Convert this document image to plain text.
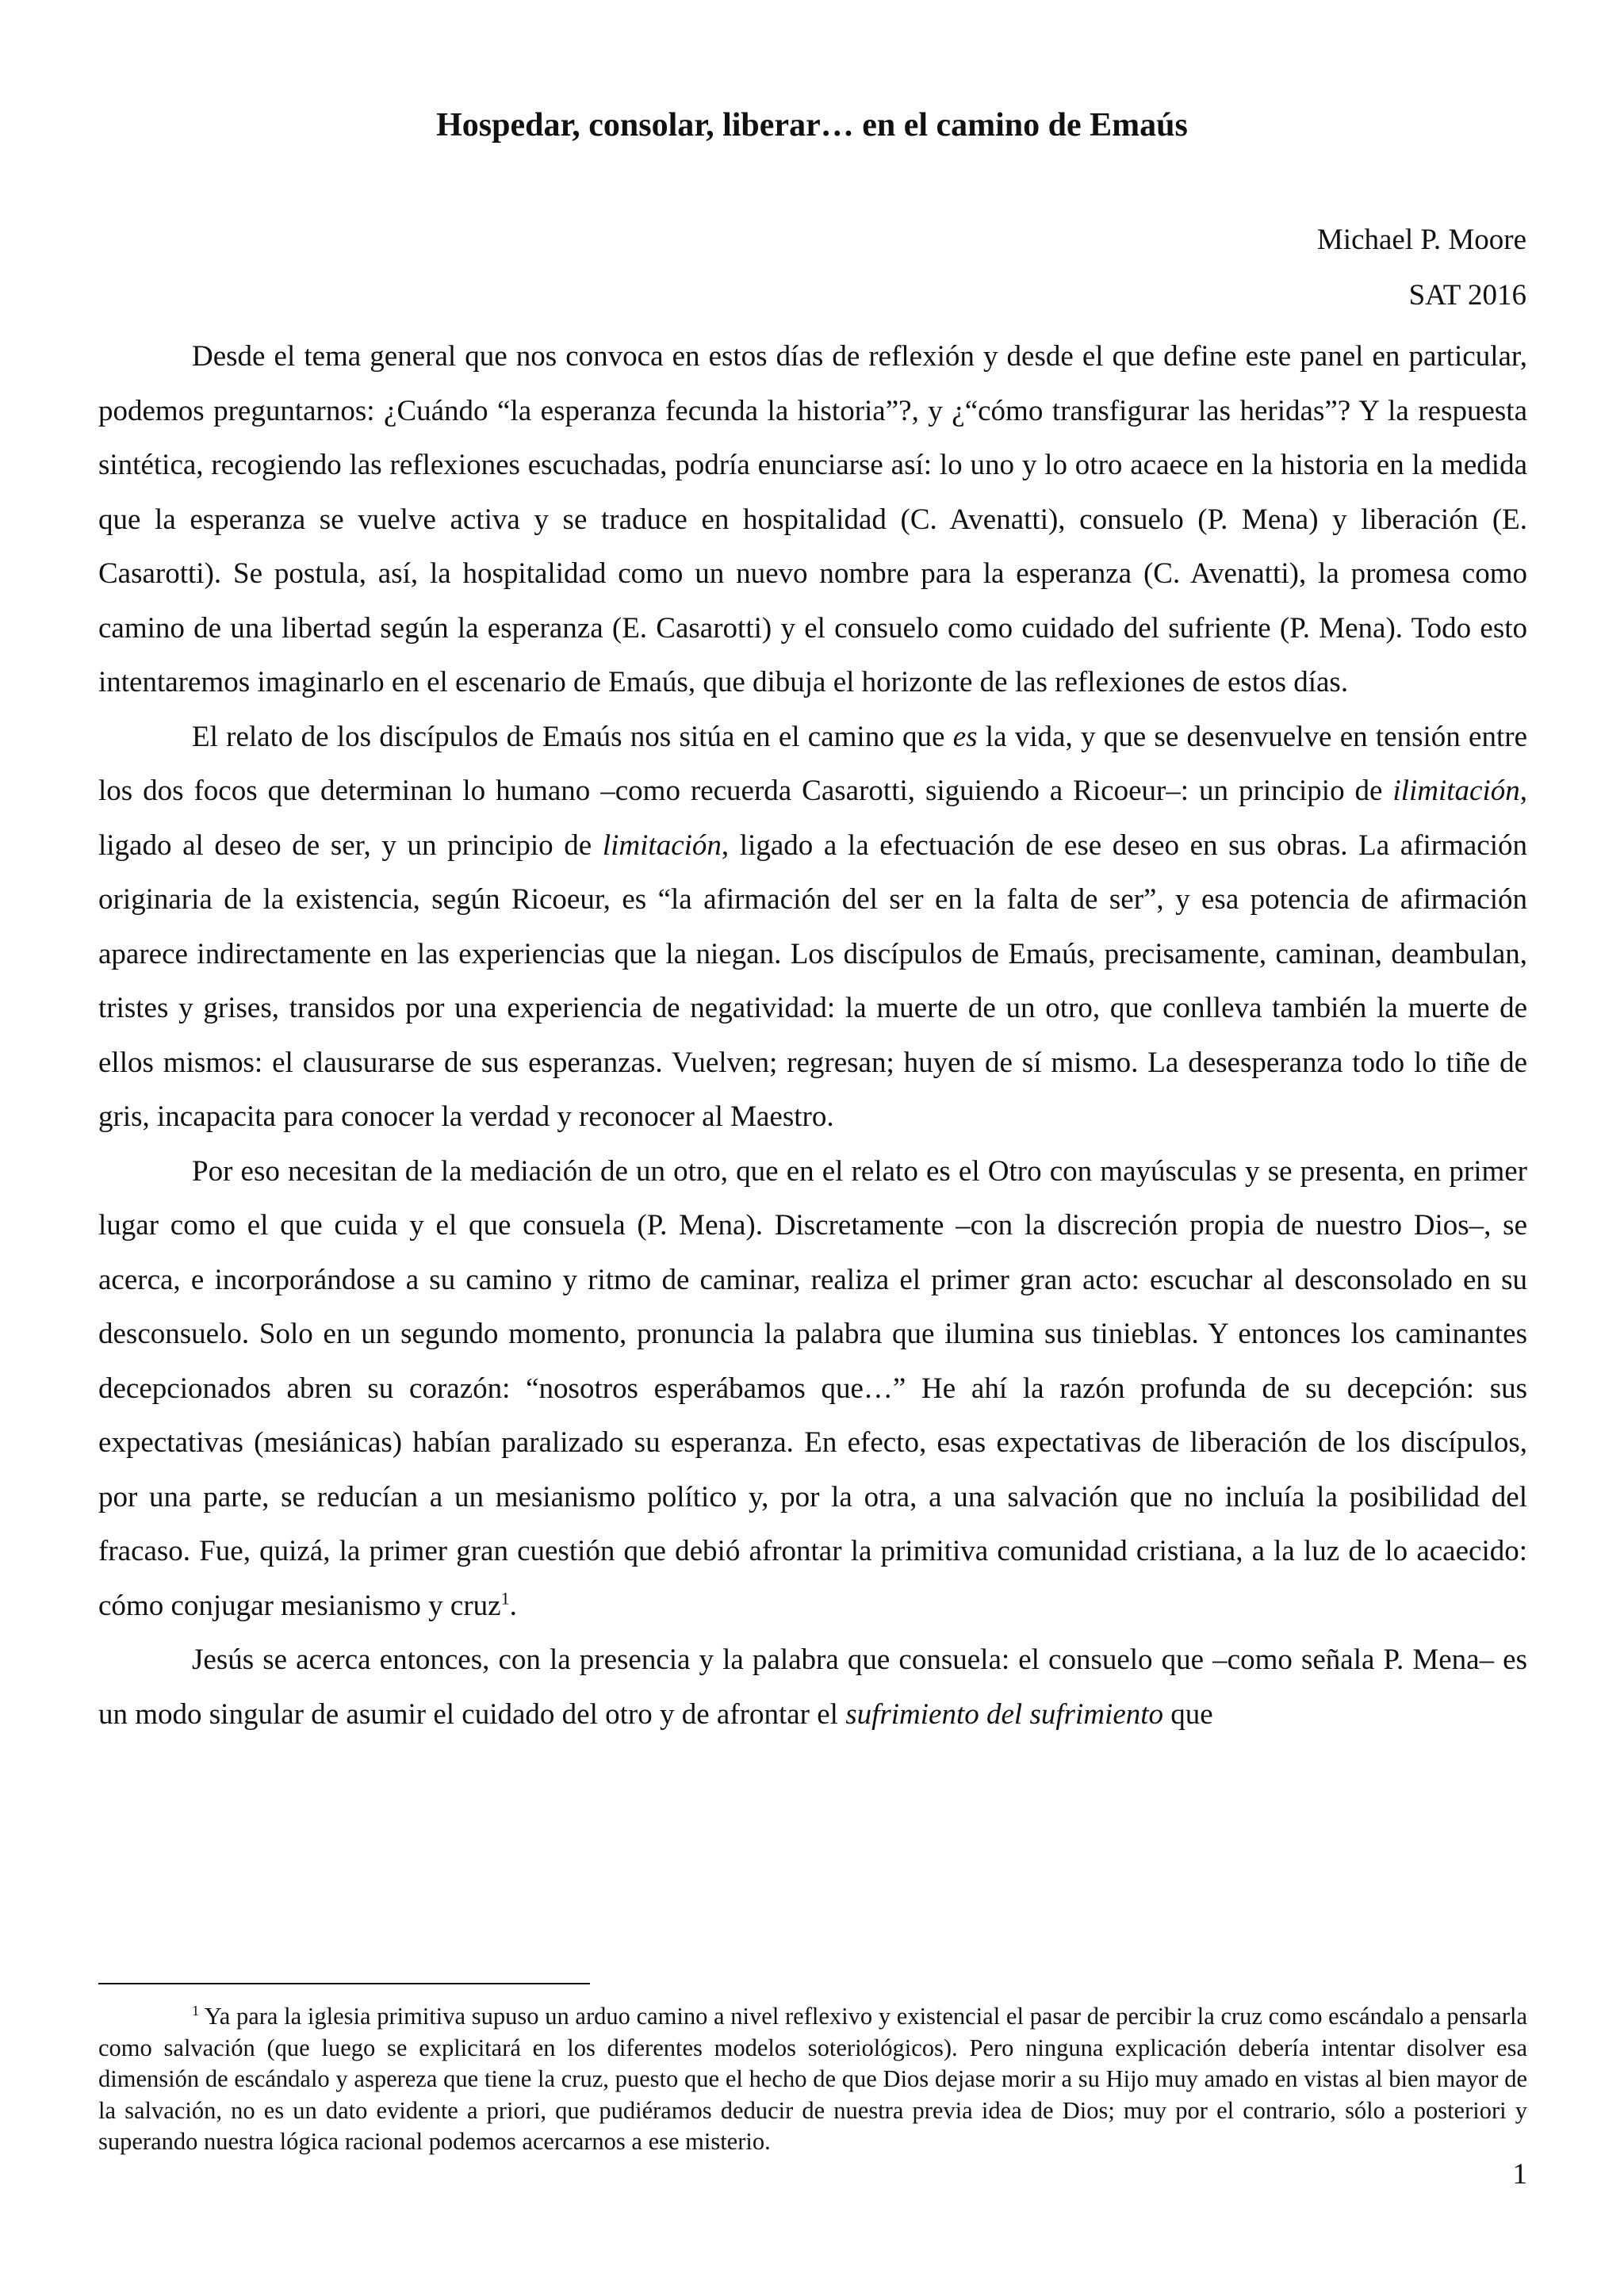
Hospedar, consolar, liberar… en el camino de Emaús

Michael P. Moore

SAT 2016

Desde el tema general que nos convoca en estos días de reflexión y desde el que define este panel en particular, podemos preguntarnos: ¿Cuándo “la esperanza fecunda la historia”?, y ¿“cómo transfigurar las heridas”? Y la respuesta sintética, recogiendo las reflexiones escuchadas, podría enunciarse así: lo uno y lo otro acaece en la historia en la medida que la esperanza se vuelve activa y se traduce en hospitalidad (C. Avenatti), consuelo (P. Mena) y liberación (E. Casarotti). Se postula, así, la hospitalidad como un nuevo nombre para la esperanza (C. Avenatti), la promesa como camino de una libertad según la esperanza (E. Casarotti) y el consuelo como cuidado del sufriente (P. Mena). Todo esto intentaremos imaginarlo en el escenario de Emaús, que dibuja el horizonte de las reflexiones de estos días.

El relato de los discípulos de Emaús nos sitúa en el camino que es la vida, y que se desenvuelve en tensión entre los dos focos que determinan lo humano –como recuerda Casarotti, siguiendo a Ricoeur–: un principio de ilimitación, ligado al deseo de ser, y un principio de limitación, ligado a la efectuación de ese deseo en sus obras. La afirmación originaria de la existencia, según Ricoeur, es “la afirmación del ser en la falta de ser”, y esa potencia de afirmación aparece indirectamente en las experiencias que la niegan. Los discípulos de Emaús, precisamente, caminan, deambulan, tristes y grises, transidos por una experiencia de negatividad: la muerte de un otro, que conlleva también la muerte de ellos mismos: el clausurarse de sus esperanzas. Vuelven; regresan; huyen de sí mismo. La desesperanza todo lo tiñe de gris, incapacita para conocer la verdad y reconocer al Maestro.

Por eso necesitan de la mediación de un otro, que en el relato es el Otro con mayúsculas y se presenta, en primer lugar como el que cuida y el que consuela (P. Mena). Discretamente –con la discreción propia de nuestro Dios–, se acerca, e incorporándose a su camino y ritmo de caminar, realiza el primer gran acto: escuchar al desconsolado en su desconsuelo. Solo en un segundo momento, pronuncia la palabra que ilumina sus tinieblas. Y entonces los caminantes decepcionados abren su corazón: “nosotros esperábamos que…” He ahí la razón profunda de su decepción: sus expectativas (mesiánicas) habían paralizado su esperanza. En efecto, esas expectativas de liberación de los discípulos, por una parte, se reducían a un mesianismo político y, por la otra, a una salvación que no incluía la posibilidad del fracaso. Fue, quizá, la primer gran cuestión que debió afrontar la primitiva comunidad cristiana, a la luz de lo acaecido: cómo conjugar mesianismo y cruz$^1$.

Jesús se acerca entonces, con la presencia y la palabra que consuela: el consuelo que –como señala P. Mena– es un modo singular de asumir el cuidado del otro y de afrontar el sufrimiento del sufrimiento que

$^1$ Ya para la iglesia primitiva supuso un arduo camino a nivel reflexivo y existencial el pasar de percibir la cruz como escándalo a pensarla como salvación (que luego se explicitará en los diferentes modelos soteriológicos). Pero ninguna explicación debería intentar disolver esa dimensión de escándalo y aspereza que tiene la cruz, puesto que el hecho de que Dios dejase morir a su Hijo muy amado en vistas al bien mayor de la salvación, no es un dato evidente a priori, que pudiéramos deducir de nuestra previa idea de Dios; muy por el contrario, sólo a posteriori y superando nuestra lógica racional podemos acercarnos a ese misterio.

1
